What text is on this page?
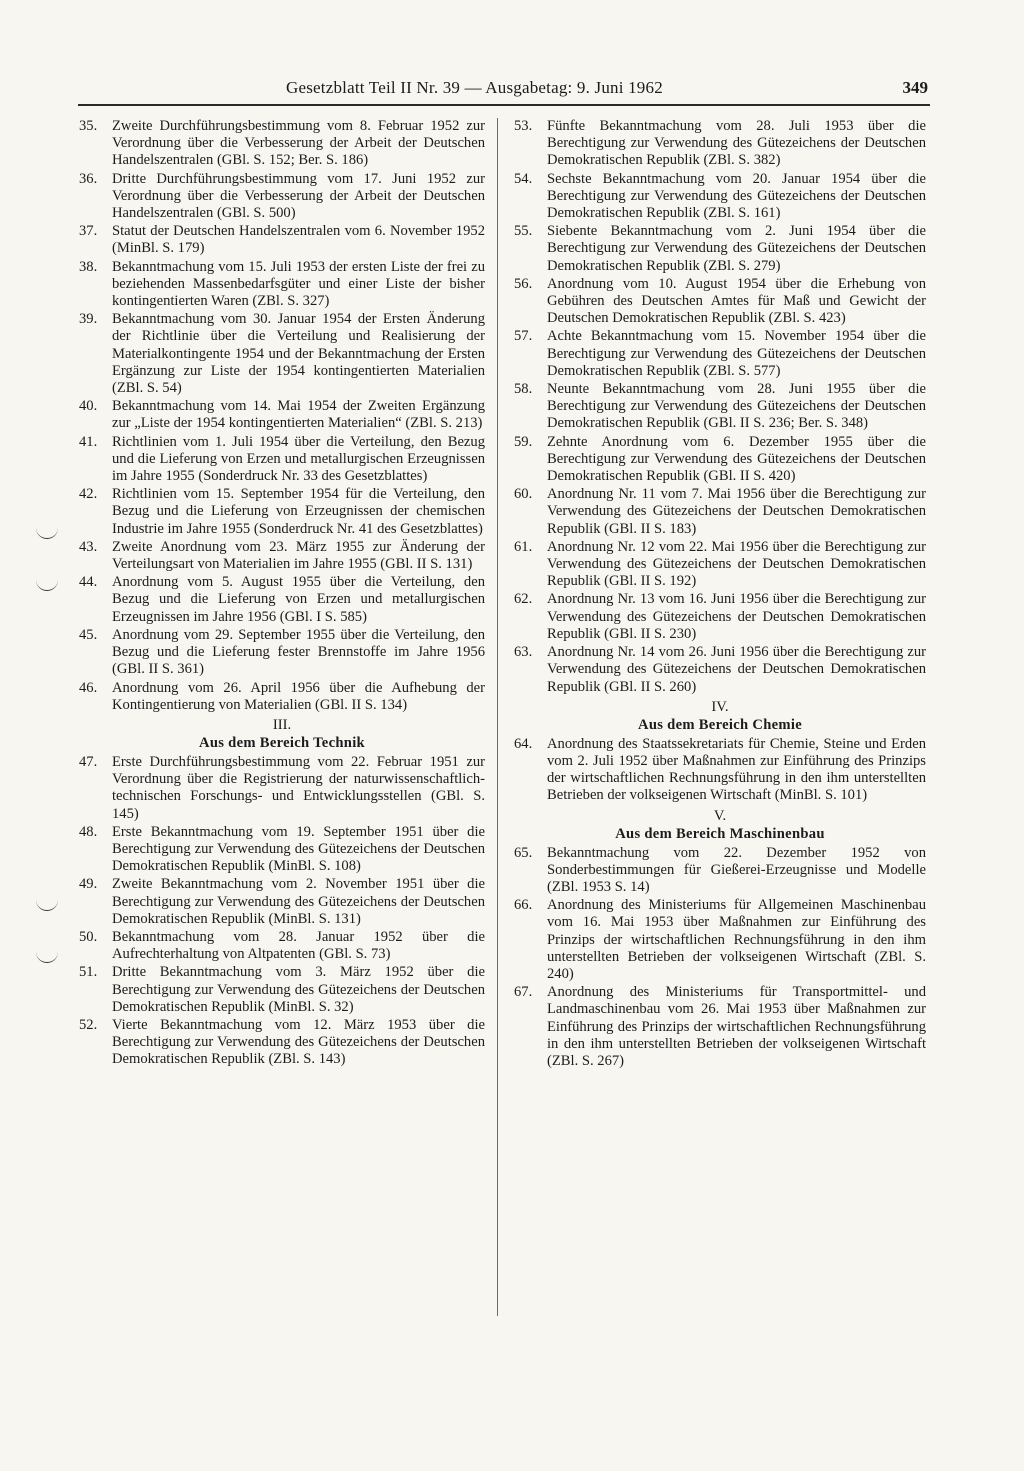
Gesetzblatt Teil II Nr. 39 — Ausgabetag: 9. Juni 1962	349
35. Zweite Durchführungsbestimmung vom 8. Februar 1952 zur Verordnung über die Verbesserung der Arbeit der Deutschen Handelszentralen (GBl. S. 152; Ber. S. 186)
36. Dritte Durchführungsbestimmung vom 17. Juni 1952 zur Verordnung über die Verbesserung der Arbeit der Deutschen Handelszentralen (GBl. S. 500)
37. Statut der Deutschen Handelszentralen vom 6. November 1952 (MinBl. S. 179)
38. Bekanntmachung vom 15. Juli 1953 der ersten Liste der frei zu beziehenden Massenbedarfsgüter und einer Liste der bisher kontingentierten Waren (ZBl. S. 327)
39. Bekanntmachung vom 30. Januar 1954 der Ersten Änderung der Richtlinie über die Verteilung und Realisierung der Materialkontingente 1954 und der Bekanntmachung der Ersten Ergänzung zur Liste der 1954 kontingentierten Materialien (ZBl. S. 54)
40. Bekanntmachung vom 14. Mai 1954 der Zweiten Ergänzung zur „Liste der 1954 kontingentierten Materialien“ (ZBl. S. 213)
41. Richtlinien vom 1. Juli 1954 über die Verteilung, den Bezug und die Lieferung von Erzen und metallurgischen Erzeugnissen im Jahre 1955 (Sonderdruck Nr. 33 des Gesetzblattes)
42. Richtlinien vom 15. September 1954 für die Verteilung, den Bezug und die Lieferung von Erzeugnissen der chemischen Industrie im Jahre 1955 (Sonderdruck Nr. 41 des Gesetzblattes)
43. Zweite Anordnung vom 23. März 1955 zur Änderung der Verteilungsart von Materialien im Jahre 1955 (GBl. II S. 131)
44. Anordnung vom 5. August 1955 über die Verteilung, den Bezug und die Lieferung von Erzen und metallurgischen Erzeugnissen im Jahre 1956 (GBl. I S. 585)
45. Anordnung vom 29. September 1955 über die Verteilung, den Bezug und die Lieferung fester Brennstoffe im Jahre 1956 (GBl. II S. 361)
46. Anordnung vom 26. April 1956 über die Aufhebung der Kontingentierung von Materialien (GBl. II S. 134)
III.
Aus dem Bereich Technik
47. Erste Durchführungsbestimmung vom 22. Februar 1951 zur Verordnung über die Registrierung der naturwissenschaftlich-technischen Forschungs- und Entwicklungsstellen (GBl. S. 145)
48. Erste Bekanntmachung vom 19. September 1951 über die Berechtigung zur Verwendung des Gütezeichens der Deutschen Demokratischen Republik (MinBl. S. 108)
49. Zweite Bekanntmachung vom 2. November 1951 über die Berechtigung zur Verwendung des Gütezeichens der Deutschen Demokratischen Republik (MinBl. S. 131)
50. Bekanntmachung vom 28. Januar 1952 über die Aufrechterhaltung von Altpatenten (GBl. S. 73)
51. Dritte Bekanntmachung vom 3. März 1952 über die Berechtigung zur Verwendung des Gütezeichens der Deutschen Demokratischen Republik (MinBl. S. 32)
52. Vierte Bekanntmachung vom 12. März 1953 über die Berechtigung zur Verwendung des Gütezeichens der Deutschen Demokratischen Republik (ZBl. S. 143)
53. Fünfte Bekanntmachung vom 28. Juli 1953 über die Berechtigung zur Verwendung des Gütezeichens der Deutschen Demokratischen Republik (ZBl. S. 382)
54. Sechste Bekanntmachung vom 20. Januar 1954 über die Berechtigung zur Verwendung des Gütezeichens der Deutschen Demokratischen Republik (ZBl. S. 161)
55. Siebente Bekanntmachung vom 2. Juni 1954 über die Berechtigung zur Verwendung des Gütezeichens der Deutschen Demokratischen Republik (ZBl. S. 279)
56. Anordnung vom 10. August 1954 über die Erhebung von Gebühren des Deutschen Amtes für Maß und Gewicht der Deutschen Demokratischen Republik (ZBl. S. 423)
57. Achte Bekanntmachung vom 15. November 1954 über die Berechtigung zur Verwendung des Gütezeichens der Deutschen Demokratischen Republik (ZBl. S. 577)
58. Neunte Bekanntmachung vom 28. Juni 1955 über die Berechtigung zur Verwendung des Gütezeichens der Deutschen Demokratischen Republik (GBl. II S. 236; Ber. S. 348)
59. Zehnte Anordnung vom 6. Dezember 1955 über die Berechtigung zur Verwendung des Gütezeichens der Deutschen Demokratischen Republik (GBl. II S. 420)
60. Anordnung Nr. 11 vom 7. Mai 1956 über die Berechtigung zur Verwendung des Gütezeichens der Deutschen Demokratischen Republik (GBl. II S. 183)
61. Anordnung Nr. 12 vom 22. Mai 1956 über die Berechtigung zur Verwendung des Gütezeichens der Deutschen Demokratischen Republik (GBl. II S. 192)
62. Anordnung Nr. 13 vom 16. Juni 1956 über die Berechtigung zur Verwendung des Gütezeichens der Deutschen Demokratischen Republik (GBl. II S. 230)
63. Anordnung Nr. 14 vom 26. Juni 1956 über die Berechtigung zur Verwendung des Gütezeichens der Deutschen Demokratischen Republik (GBl. II S. 260)
IV.
Aus dem Bereich Chemie
64. Anordnung des Staatssekretariats für Chemie, Steine und Erden vom 2. Juli 1952 über Maßnahmen zur Einführung des Prinzips der wirtschaftlichen Rechnungsführung in den ihm unterstellten Betrieben der volkseigenen Wirtschaft (MinBl. S. 101)
V.
Aus dem Bereich Maschinenbau
65. Bekanntmachung vom 22. Dezember 1952 von Sonderbestimmungen für Gießerei-Erzeugnisse und Modelle (ZBl. 1953 S. 14)
66. Anordnung des Ministeriums für Allgemeinen Maschinenbau vom 16. Mai 1953 über Maßnahmen zur Einführung des Prinzips der wirtschaftlichen Rechnungsführung in den ihm unterstellten Betrieben der volkseigenen Wirtschaft (ZBl. S. 240)
67. Anordnung des Ministeriums für Transportmittel- und Landmaschinenbau vom 26. Mai 1953 über Maßnahmen zur Einführung des Prinzips der wirtschaftlichen Rechnungsführung in den ihm unterstellten Betrieben der volkseigenen Wirtschaft (ZBl. S. 267)
